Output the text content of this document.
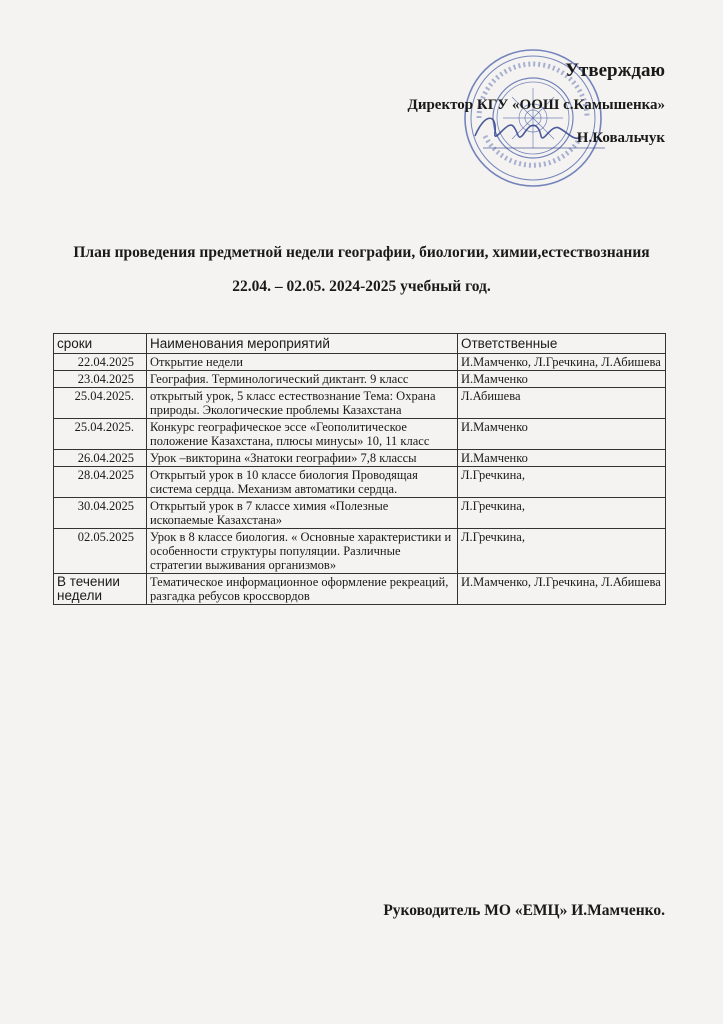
Утверждаю
Директор КГУ «ООШ с.Камышенка»
Н.Ковальчук
План проведения предметной недели географии, биологии, химии,естествознания
22.04. – 02.05. 2024-2025 учебный год.
сроки	Наименования мероприятий	Ответственные
22.04.2025	Открытие недели	И.Мамченко, Л.Гречкина, Л.Абишева
23.04.2025	География. Терминологический диктант. 9 класс	И.Мамченко
25.04.2025.	открытый урок, 5 класс естествознание Тема: Охрана природы. Экологические проблемы Казахстана	Л.Абишева
25.04.2025.	Конкурс географическое эссе «Геополитическое положение Казахстана, плюсы минусы» 10, 11 класс	И.Мамченко
26.04.2025	Урок –викторина «Знатоки географии» 7,8 классы	И.Мамченко
28.04.2025	Открытый урок в 10 классе биология Проводящая система сердца. Механизм автоматики сердца.	Л.Гречкина,
30.04.2025	Открытый урок в 7 классе химия «Полезные ископаемые Казахстана»	Л.Гречкина,
02.05.2025	Урок в 8 классе биология. « Основные характеристики и особенности структуры популяции. Различные стратегии выживания организмов»	Л.Гречкина,
В течении недели	Тематическое информационное оформление рекреаций, разгадка ребусов кроссвордов	И.Мамченко, Л.Гречкина, Л.Абишева
Руководитель МО «ЕМЦ» И.Мамченко.
